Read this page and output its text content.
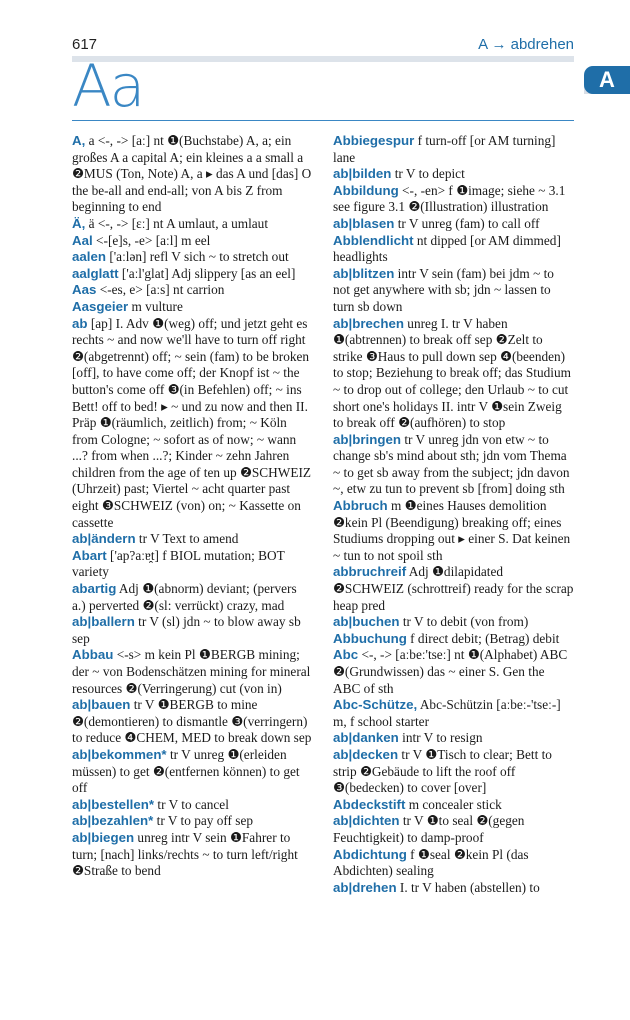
617	A → abdrehen
Aa	A

A, a <-, -> [aː] nt ❶(Buchstabe) A, a; ein großes A a capital A; ein kleines a a small a ❷MUS (Ton, Note) A, a ▸ das A und [das] O the be-all and end-all; von A bis Z from beginning to end

Ä, ä <-, -> [ɛː] nt A umlaut, a umlaut

Aal <-[e]s, -e> [aːl] m eel

aalen ['aːlən] refl V sich ~ to stretch out

aalglatt ['aːl'glat] Adj slippery [as an eel]

Aas <-es, e> [aːs] nt carrion

Aasgeier m vulture

ab [ap] I. Adv ❶(weg) off; und jetzt geht es rechts ~ and now we'll have to turn off right ❷(abgetrennt) off; ~ sein (fam) to be broken [off], to have come off; der Knopf ist ~ the button's come off ❸(in Befehlen) off; ~ ins Bett! off to bed! ▸ ~ und zu now and then II. Präp ❶(räumlich, zeitlich) from; ~ Köln from Cologne; ~ sofort as of now; ~ wann ...? from when ...?; Kinder ~ zehn Jahren children from the age of ten up ❷SCHWEIZ (Uhrzeit) past; Viertel ~ acht quarter past eight ❸SCHWEIZ (von) on; ~ Kassette on cassette

ab|ändern tr V Text to amend

Abart ['ap?aːɐ̯t] f BIOL mutation; BOT variety

abartig Adj ❶(abnorm) deviant; (pervers a.) perverted ❷(sl: verrückt) crazy, mad

ab|ballern tr V (sl) jdn ~ to blow away sb sep

Abbau <-s> m kein Pl ❶BERGB mining; der ~ von Bodenschätzen mining for mineral resources ❷(Verringerung) cut (von in)

ab|bauen tr V ❶BERGB to mine ❷(demontieren) to dismantle ❸(verringern) to reduce ❹CHEM, MED to break down sep

ab|bekommen* tr V unreg ❶(erleiden müssen) to get ❷(entfernen können) to get off

ab|bestellen* tr V to cancel

ab|bezahlen* tr V to pay off sep

ab|biegen unreg intr V sein ❶Fahrer to turn; [nach] links/rechts ~ to turn left/right ❷Straße to bend

Abbiegespur f turn-off [or AM turning] lane

ab|bilden tr V to depict

Abbildung <-, -en> f ❶image; siehe ~ 3.1 see figure 3.1 ❷(Illustration) illustration

ab|blasen tr V unreg (fam) to call off

Abblendlicht nt dipped [or AM dimmed] headlights

ab|blitzen intr V sein (fam) bei jdm ~ to not get anywhere with sb; jdn ~ lassen to turn sb down

ab|brechen unreg I. tr V haben ❶(abtrennen) to break off sep ❷Zelt to strike ❸Haus to pull down sep ❹(beenden) to stop; Beziehung to break off; das Studium ~ to drop out of college; den Urlaub ~ to cut short one's holidays II. intr V ❶sein Zweig to break off ❷(aufhören) to stop

ab|bringen tr V unreg jdn von etw ~ to change sb's mind about sth; jdn vom Thema ~ to get sb away from the subject; jdn davon ~, etw zu tun to prevent sb [from] doing sth

Abbruch m ❶eines Hauses demolition ❷kein Pl (Beendigung) breaking off; eines Studiums dropping out ▸ einer S. Dat keinen ~ tun to not spoil sth

abbruchreif Adj ❶dilapidated ❷SCHWEIZ (schrottreif) ready for the scrap heap pred

ab|buchen tr V to debit (von from)

Abbuchung f direct debit; (Betrag) debit

Abc <-, -> [aːbeː'tseː] nt ❶(Alphabet) ABC ❷(Grundwissen) das ~ einer S. Gen the ABC of sth

Abc-Schütze, Abc-Schützin [aːbeː-'tseː-] m, f school starter

ab|danken intr V to resign

ab|decken tr V ❶Tisch to clear; Bett to strip ❷Gebäude to lift the roof off ❸(bedecken) to cover [over]

Abdeckstift m concealer stick

ab|dichten tr V ❶to seal ❷(gegen Feuchtigkeit) to damp-proof

Abdichtung f ❶seal ❷kein Pl (das Abdichten) sealing

ab|drehen I. tr V haben (abstellen) to
